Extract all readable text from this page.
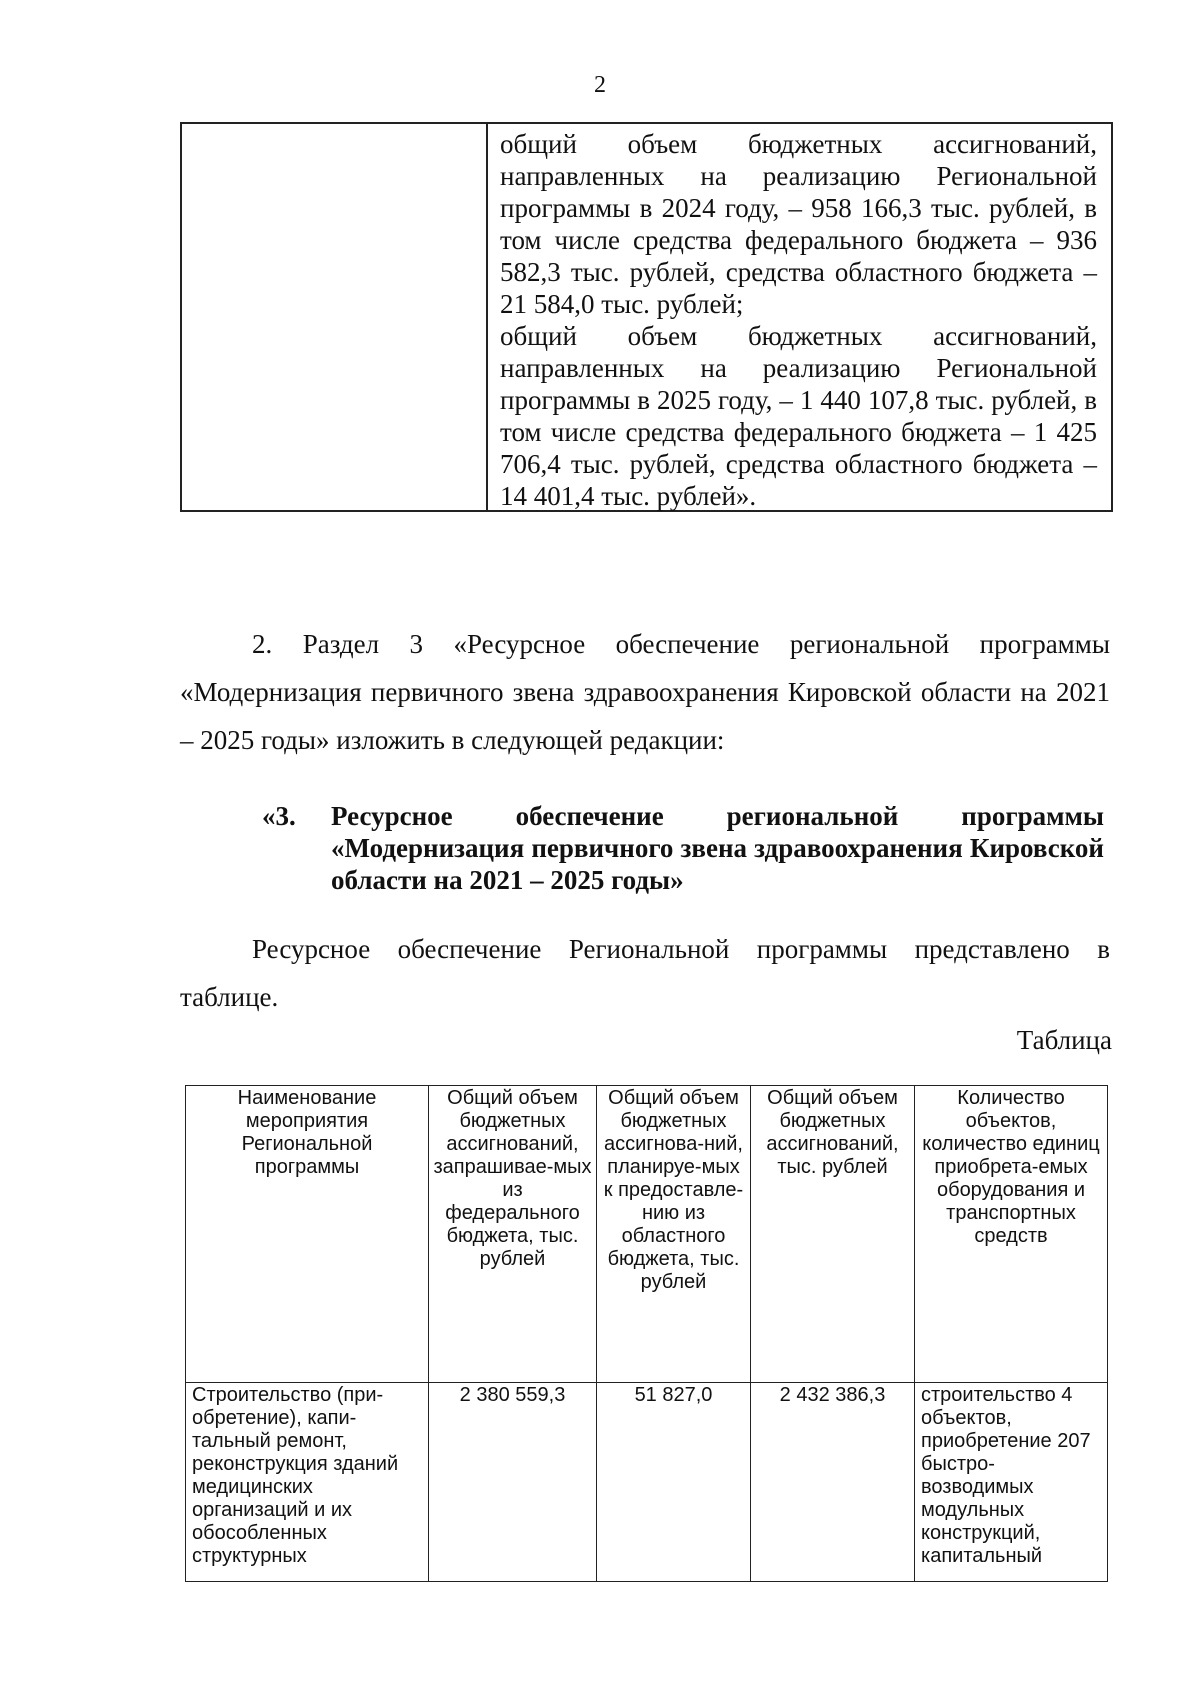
2

общий объем бюджетных ассигнований, направленных на реализацию Региональной программы в 2024 году, – 958 166,3 тыс. рублей, в том числе средства федерального бюджета – 936 582,3 тыс. рублей, средства областного бюджета – 21 584,0 тыс. рублей;

общий объем бюджетных ассигнований, направленных на реализацию Региональной программы в 2025 году, – 1 440 107,8 тыс. рублей, в том числе средства федерального бюджета – 1 425 706,4 тыс. рублей, средства областного бюджета – 14 401,4 тыс. рублей».

2. Раздел 3 «Ресурсное обеспечение региональной программы «Модернизация первичного звена здравоохранения Кировской области на 2021 – 2025 годы» изложить в следующей редакции:

«3.	Ресурсное обеспечение региональной программы «Модернизация первичного звена здравоохранения Кировской области на 2021 – 2025 годы»

Ресурсное обеспечение Региональной программы представлено в таблице.

Таблица
Наименование мероприятия Региональной программы	Общий объем бюджетных ассигнований, запрашивае-мых из федерального бюджета, тыс. рублей	Общий объем бюджетных ассигнова-ний, планируе-мых к предоставле-нию из областного бюджета, тыс. рублей	Общий объем бюджетных ассигнований, тыс. рублей	Количество объектов, количество единиц приобрета-емых оборудования и транспортных средств
Строительство (при-обретение), капи-тальный ремонт, реконструкция зданий медицинских организаций и их обособленных структурных	2 380 559,3	51 827,0	2 432 386,3	строительство 4 объектов, приобретение 207 быстро-возводимых модульных конструкций, капитальный
